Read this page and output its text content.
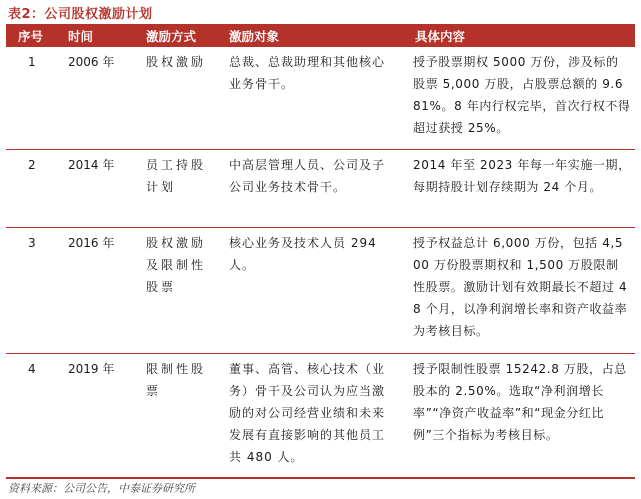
表2：公司股权激励计划
序号	时间	激励方式	激励对象	具体内容
1	2006 年	股权激励	总裁、总裁助理和其他核心业务骨干。	授予股票期权 5000 万份，涉及标的股票 5,000 万股，占股票总额的 9.681%。8 年内行权完毕，首次行权不得超过获授 25%。
2	2014 年	员工持股计划	中高层管理人员、公司及子公司业务技术骨干。	2014 年至 2023 年每一年实施一期，每期持股计划存续期为 24 个月。
3	2016 年	股权激励及限制性股票	核心业务及技术人员 294 人。	授予权益总计 6,000 万份，包括 4,500 万份股票期权和 1,500 万股限制性股票。激励计划有效期最长不超过 48 个月，以净利润增长率和资产收益率为考核目标。
4	2019 年	限制性股票	董事、高管、核心技术（业务）骨干及公司认为应当激励的对公司经营业绩和未来发展有直接影响的其他员工共 480 人。	授予限制性股票 15242.8 万股，占总股本的 2.50%。选取“净利润增长率”“净资产收益率”和“现金分红比例”三个指标为考核目标。
资料来源：公司公告，中泰证券研究所
